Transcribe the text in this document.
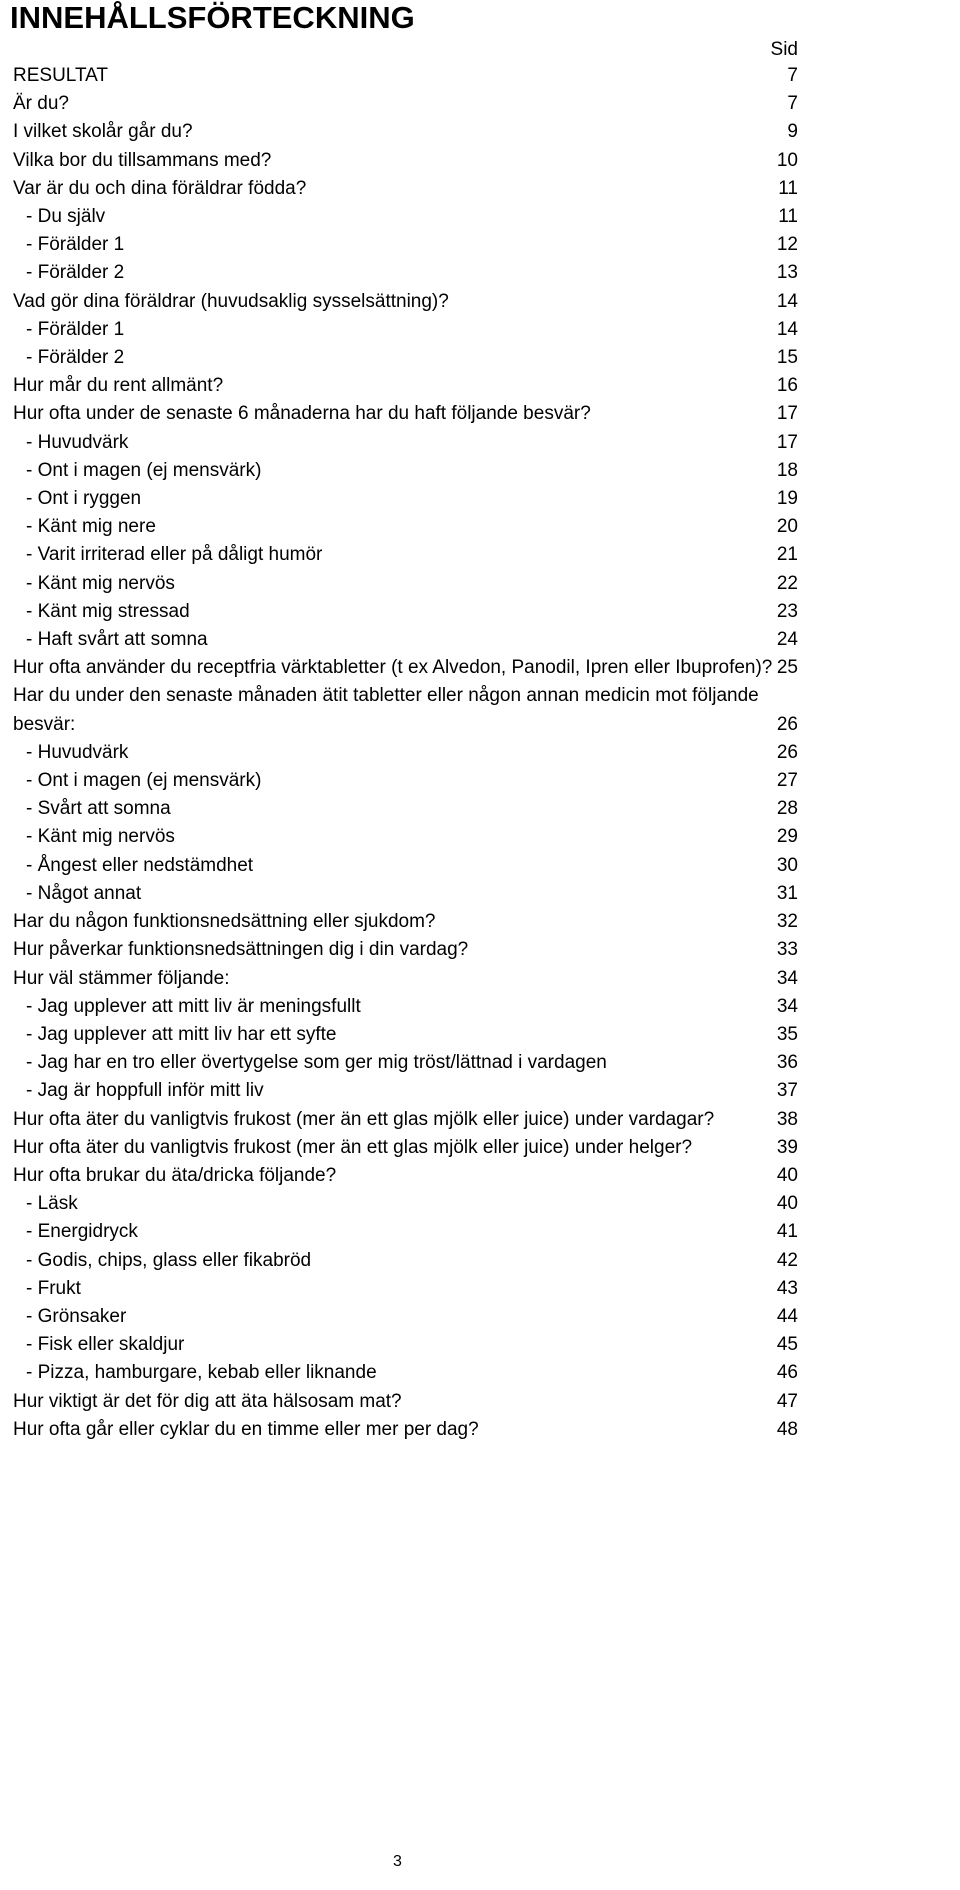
INNEHÅLLSFÖRTECKNING
Sid
RESULTAT	7
Är du?	7
I vilket skolår går du?	9
Vilka bor du tillsammans med?	10
Var är du och dina föräldrar födda?	11
- Du själv	11
- Förälder 1	12
- Förälder 2	13
Vad gör dina föräldrar (huvudsaklig sysselsättning)?	14
- Förälder 1	14
- Förälder 2	15
Hur mår du rent allmänt?	16
Hur ofta under de senaste 6 månaderna har du haft följande besvär?	17
- Huvudvärk	17
- Ont i magen (ej mensvärk)	18
- Ont i ryggen	19
- Känt mig nere	20
- Varit irriterad eller på dåligt humör	21
- Känt mig nervös	22
- Känt mig stressad	23
- Haft svårt att somna	24
Hur ofta använder du receptfria värktabletter (t ex Alvedon, Panodil, Ipren eller Ibuprofen)? 25
Har du under den senaste månaden ätit tabletter eller någon annan medicin mot följande besvär:	26
- Huvudvärk	26
- Ont i magen (ej mensvärk)	27
- Svårt att somna	28
- Känt mig nervös	29
- Ångest eller nedstämdhet	30
- Något annat	31
Har du någon funktionsnedsättning eller sjukdom?	32
Hur påverkar funktionsnedsättningen dig i din vardag?	33
Hur väl stämmer följande:	34
- Jag upplever att mitt liv är meningsfullt	34
- Jag upplever att mitt liv har ett syfte	35
- Jag har en tro eller övertygelse som ger mig tröst/lättnad i vardagen	36
- Jag är hoppfull inför mitt liv	37
Hur ofta äter du vanligtvis frukost (mer än ett glas mjölk eller juice) under vardagar?	38
Hur ofta äter du vanligtvis frukost (mer än ett glas mjölk eller juice) under helger?	39
Hur ofta brukar du äta/dricka följande?	40
- Läsk	40
- Energidryck	41
- Godis, chips, glass eller fikabröd	42
- Frukt	43
- Grönsaker	44
- Fisk eller skaldjur	45
- Pizza, hamburgare, kebab eller liknande	46
Hur viktigt är det för dig att äta hälsosam mat?	47
Hur ofta går eller cyklar du en timme eller mer per dag?	48
3
